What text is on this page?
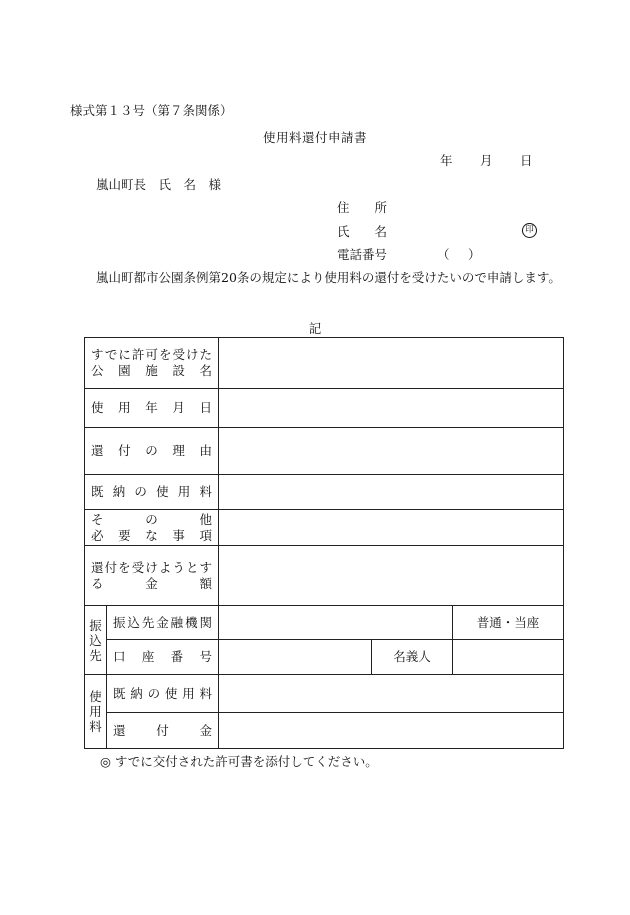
様式第１３号（第７条関係）
使用料還付申請書
年 月 日
嵐山町長　氏　名　様
住　　所
氏　　名	印
電話番号	（ ）
嵐山町都市公園条例第20条の規定により使用料の還付を受けたいので申請します。
記
すでに許可を受けた
公園施設名				

使用年月日				
還付の理由				
既納の使用料				

その他
必要な事項				

還付を受けようとす
る金額				

振
込
先	振込先金融機関			普通・当座
	口座番号		名義人	

使
用
料	既納の使用料			
	還付金			
◎ すでに交付された許可書を添付してください。
